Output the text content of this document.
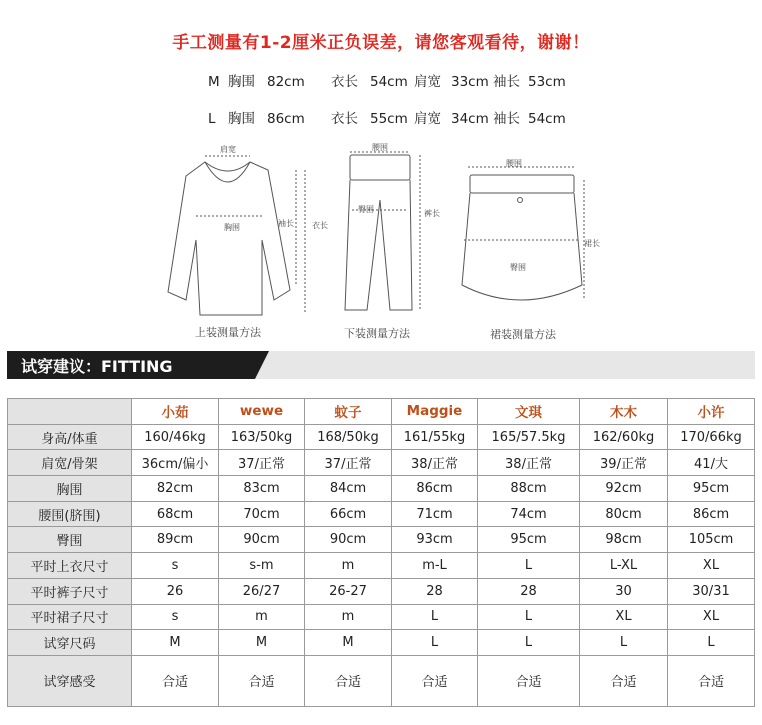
手工测量有1-2厘米正负误差，请您客观看待，谢谢！
M 胸围 82cm 衣长 54cm 肩宽 33cm 袖长 53cm
L 胸围 86cm 衣长 55cm 肩宽 34cm 袖长 54cm
肩宽
胸围	袖长 衣长
腰围
臀围	裤长
腰围
臀围
裙长
上装测量方法	下装测量方法	裙装测量方法
试穿建议：FITTING
	小茹	wewe	蚊子	Maggie	文琪	木木	小许
身高/体重	160/46kg	163/50kg	168/50kg	161/55kg	165/57.5kg	162/60kg	170/66kg
肩宽/骨架	36cm/偏小	37/正常	37/正常	38/正常	38/正常	39/正常	41/大
胸围	82cm	83cm	84cm	86cm	88cm	92cm	95cm
腰围(脐围)	68cm	70cm	66cm	71cm	74cm	80cm	86cm
臀围	89cm	90cm	90cm	93cm	95cm	98cm	105cm
平时上衣尺寸	s	s-m	m	m-L	L	L-XL	XL
平时裤子尺寸	26	26/27	26-27	28	28	30	30/31
平时裙子尺寸	s	m	m	L	L	XL	XL
试穿尺码	M	M	M	L	L	L	L
试穿感受	合适	合适	合适	合适	合适	合适	合适
